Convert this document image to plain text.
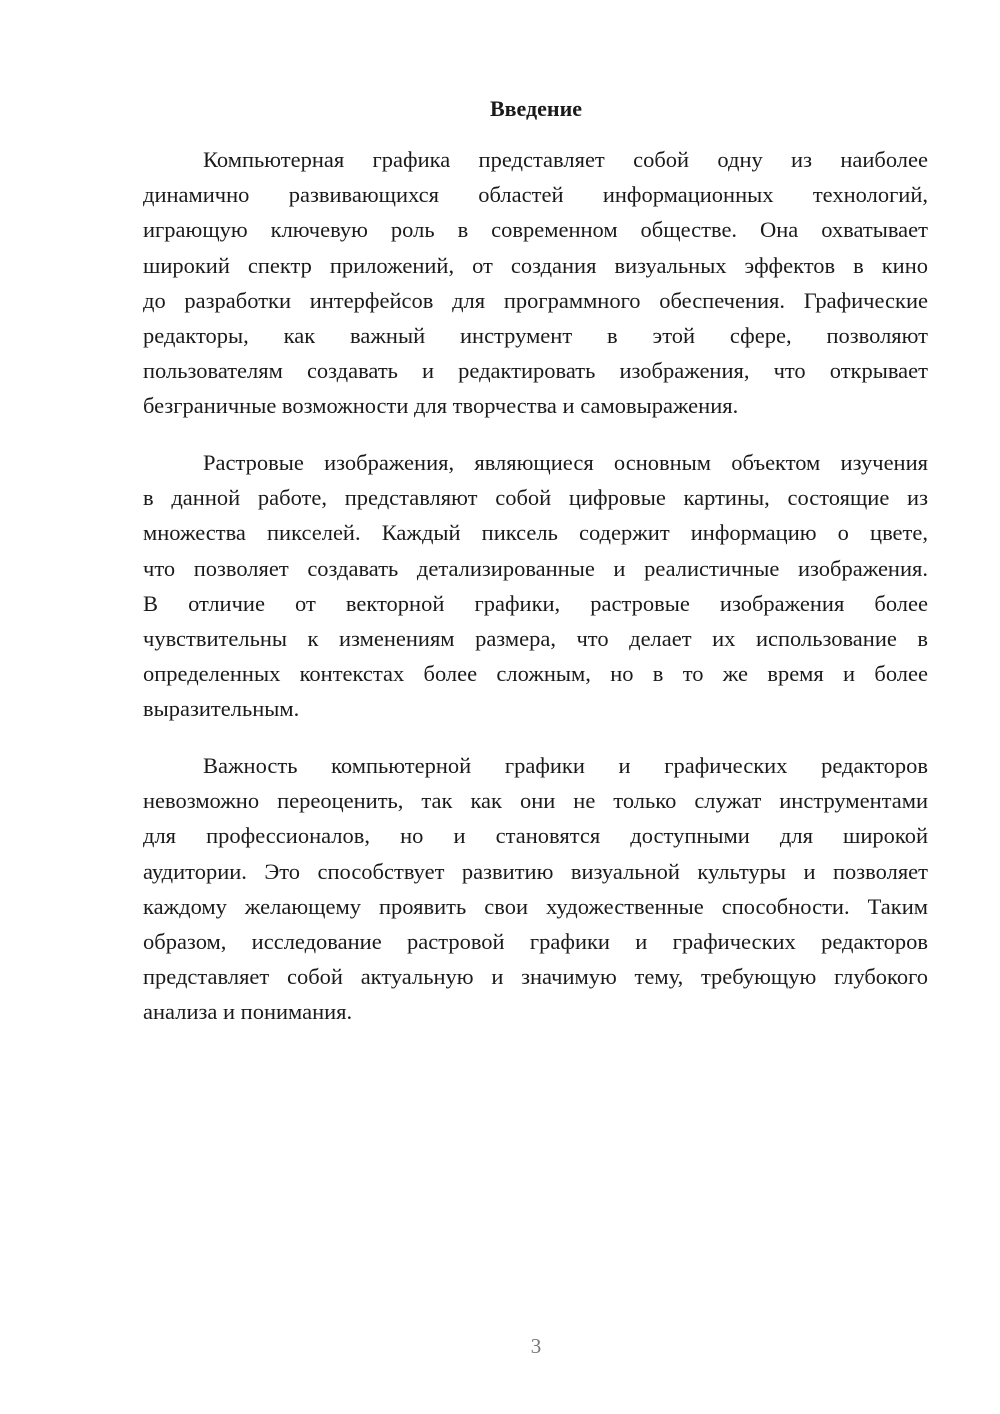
Введение
Компьютерная графика представляет собой одну из наиболее
динамично развивающихся областей информационных технологий,
играющую ключевую роль в современном обществе. Она охватывает
широкий спектр приложений, от создания визуальных эффектов в кино
до разработки интерфейсов для программного обеспечения. Графические
редакторы, как важный инструмент в этой сфере, позволяют
пользователям создавать и редактировать изображения, что открывает
безграничные возможности для творчества и самовыражения.
Растровые изображения, являющиеся основным объектом изучения
в данной работе, представляют собой цифровые картины, состоящие из
множества пикселей. Каждый пиксель содержит информацию о цвете,
что позволяет создавать детализированные и реалистичные изображения.
В отличие от векторной графики, растровые изображения более
чувствительны к изменениям размера, что делает их использование в
определенных контекстах более сложным, но в то же время и более
выразительным.
Важность компьютерной графики и графических редакторов
невозможно переоценить, так как они не только служат инструментами
для профессионалов, но и становятся доступными для широкой
аудитории. Это способствует развитию визуальной культуры и позволяет
каждому желающему проявить свои художественные способности. Таким
образом, исследование растровой графики и графических редакторов
представляет собой актуальную и значимую тему, требующую глубокого
анализа и понимания.
3
